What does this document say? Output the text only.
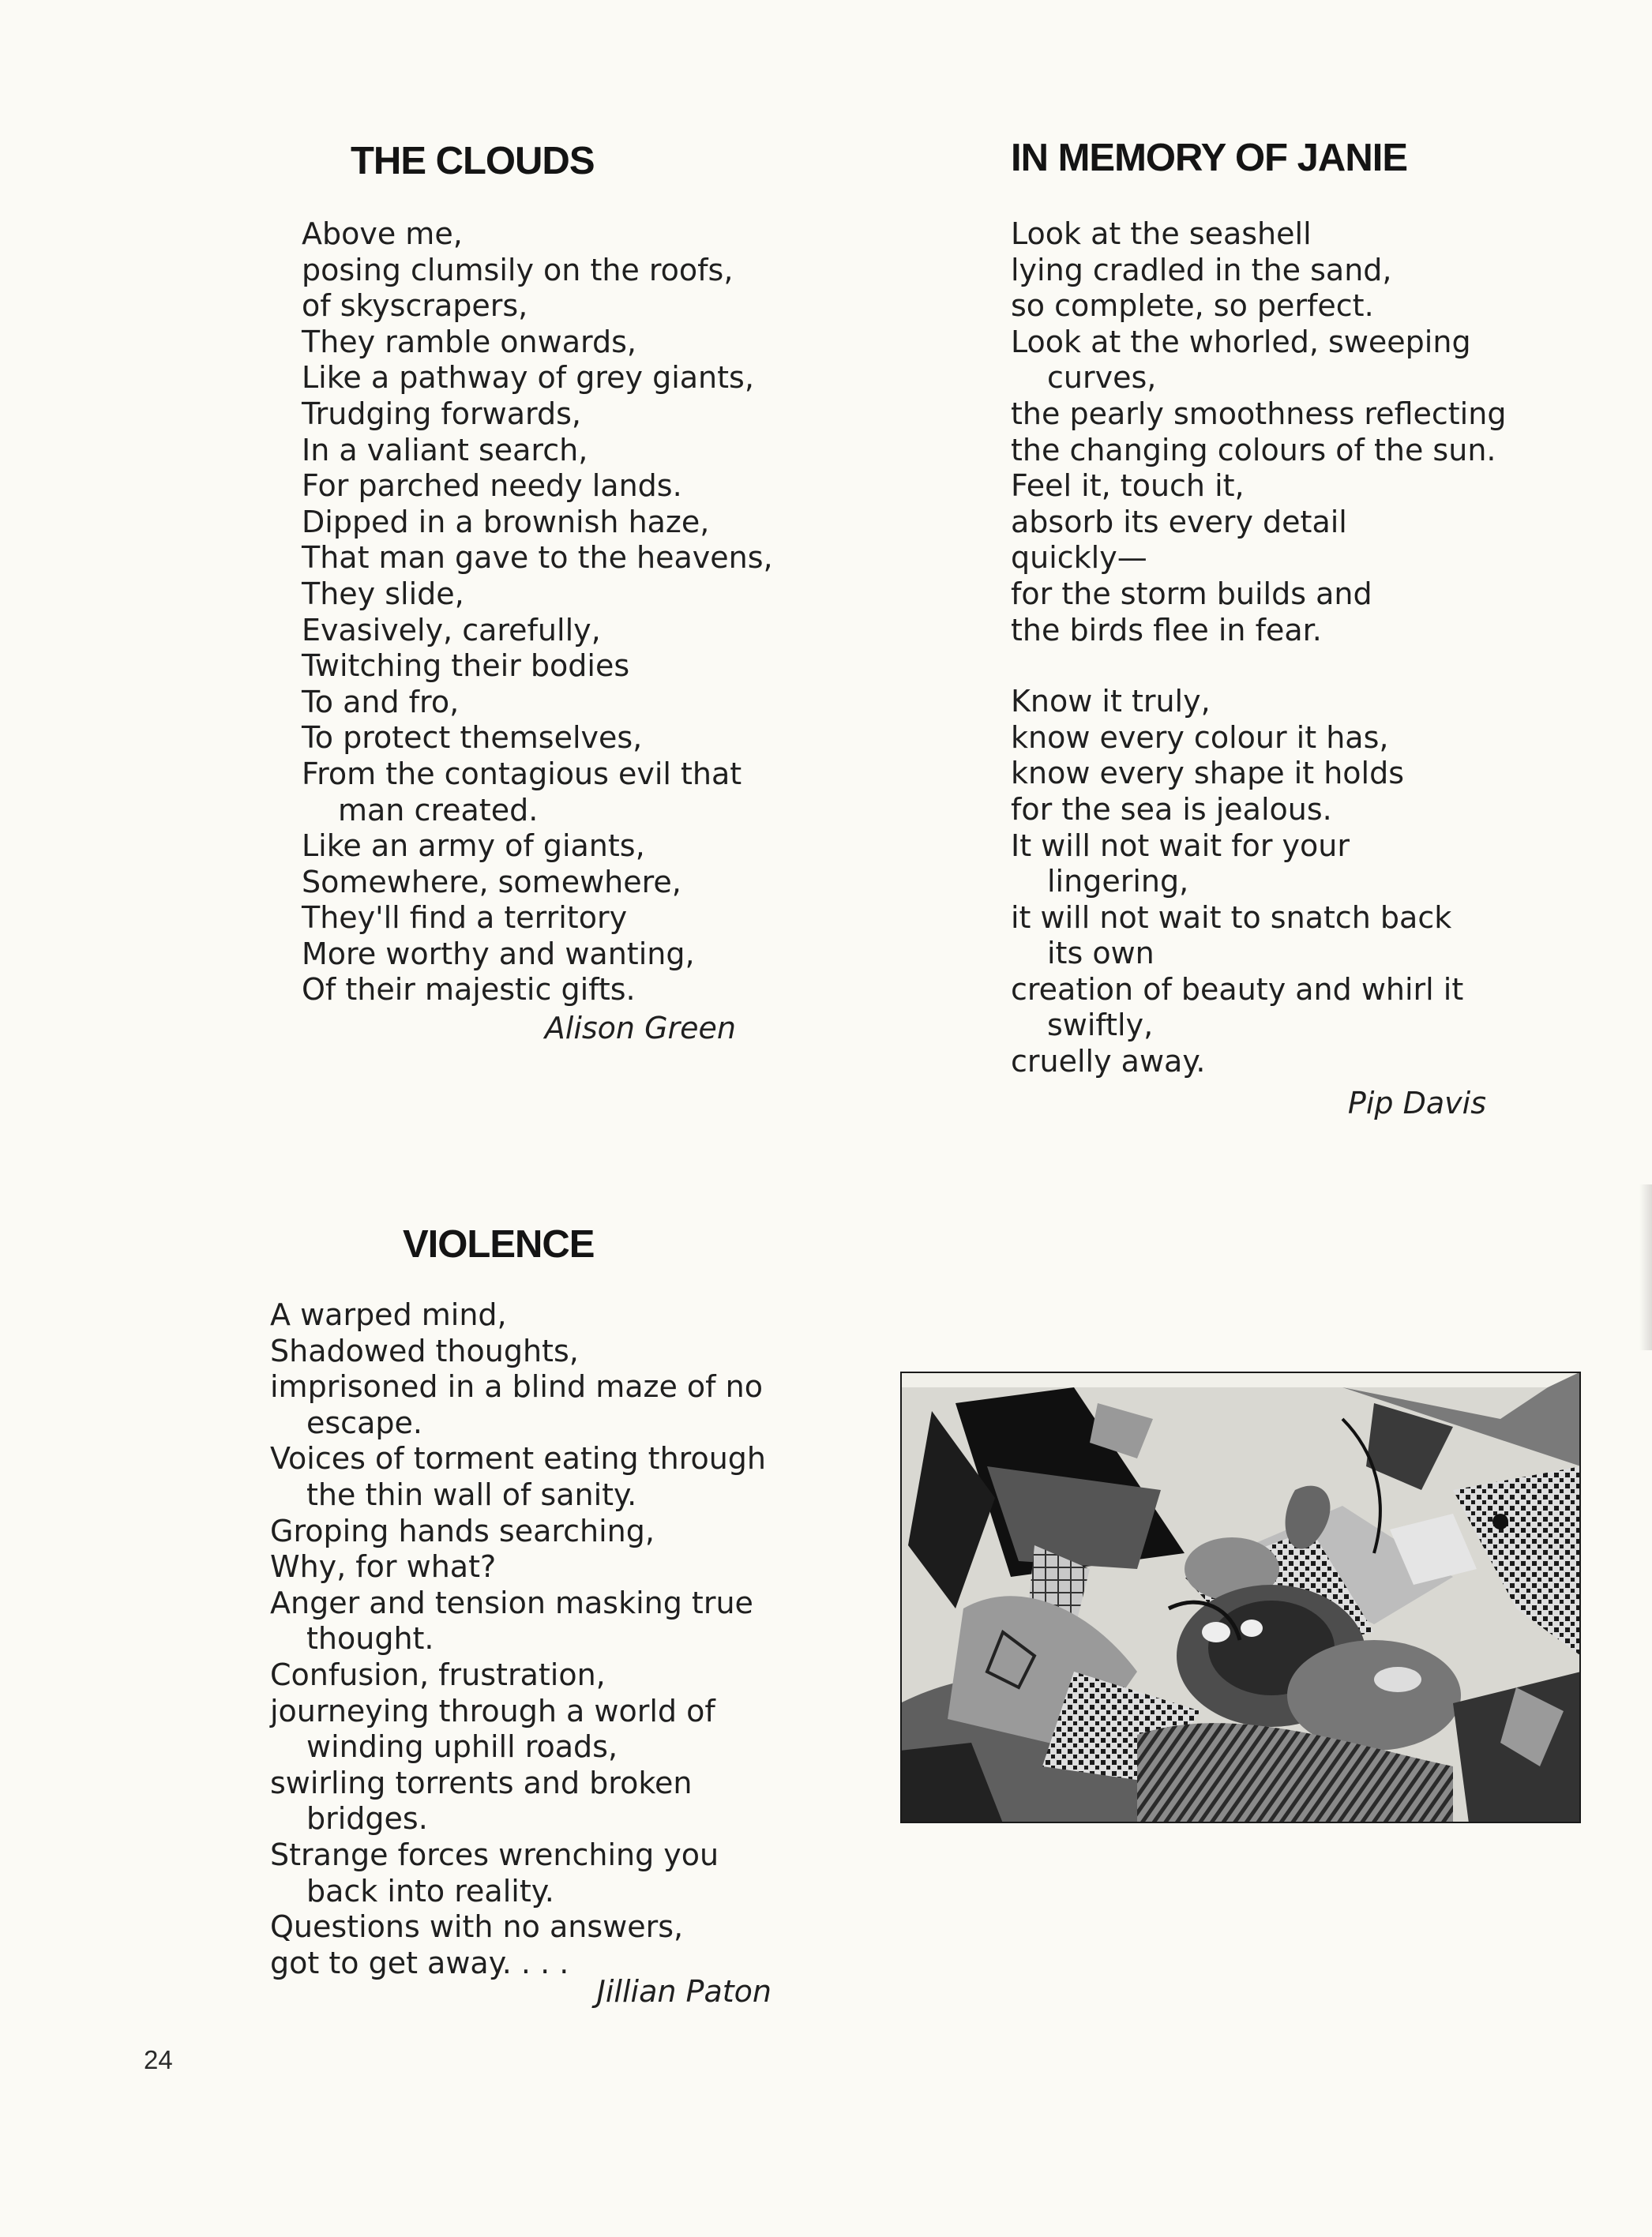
THE CLOUDS
Above me,
posing clumsily on the roofs,
of skyscrapers,
They ramble onwards,
Like a pathway of grey giants,
Trudging forwards,
In a valiant search,
For parched needy lands.
Dipped in a brownish haze,
That man gave to the heavens,
They slide,
Evasively, carefully,
Twitching their bodies
To and fro,
To protect themselves,
From the contagious evil that
man created.
Like an army of giants,
Somewhere, somewhere,
They'll find a territory
More worthy and wanting,
Of their majestic gifts.
Alison Green
IN MEMORY OF JANIE
Look at the seashell
lying cradled in the sand,
so complete, so perfect.
Look at the whorled, sweeping
curves,
the pearly smoothness reflecting
the changing colours of the sun.
Feel it, touch it,
absorb its every detail
quickly—
for the storm builds and
the birds flee in fear.
Know it truly,
know every colour it has,
know every shape it holds
for the sea is jealous.
It will not wait for your
lingering,
it will not wait to snatch back
its own
creation of beauty and whirl it
swiftly,
cruelly away.
Pip Davis
VIOLENCE
A warped mind,
Shadowed thoughts,
imprisoned in a blind maze of no
escape.
Voices of torment eating through
the thin wall of sanity.
Groping hands searching,
Why, for what?
Anger and tension masking true
thought.
Confusion, frustration,
journeying through a world of
winding uphill roads,
swirling torrents and broken
bridges.
Strange forces wrenching you
back into reality.
Questions with no answers,
got to get away. . . .
Jillian Paton
24
